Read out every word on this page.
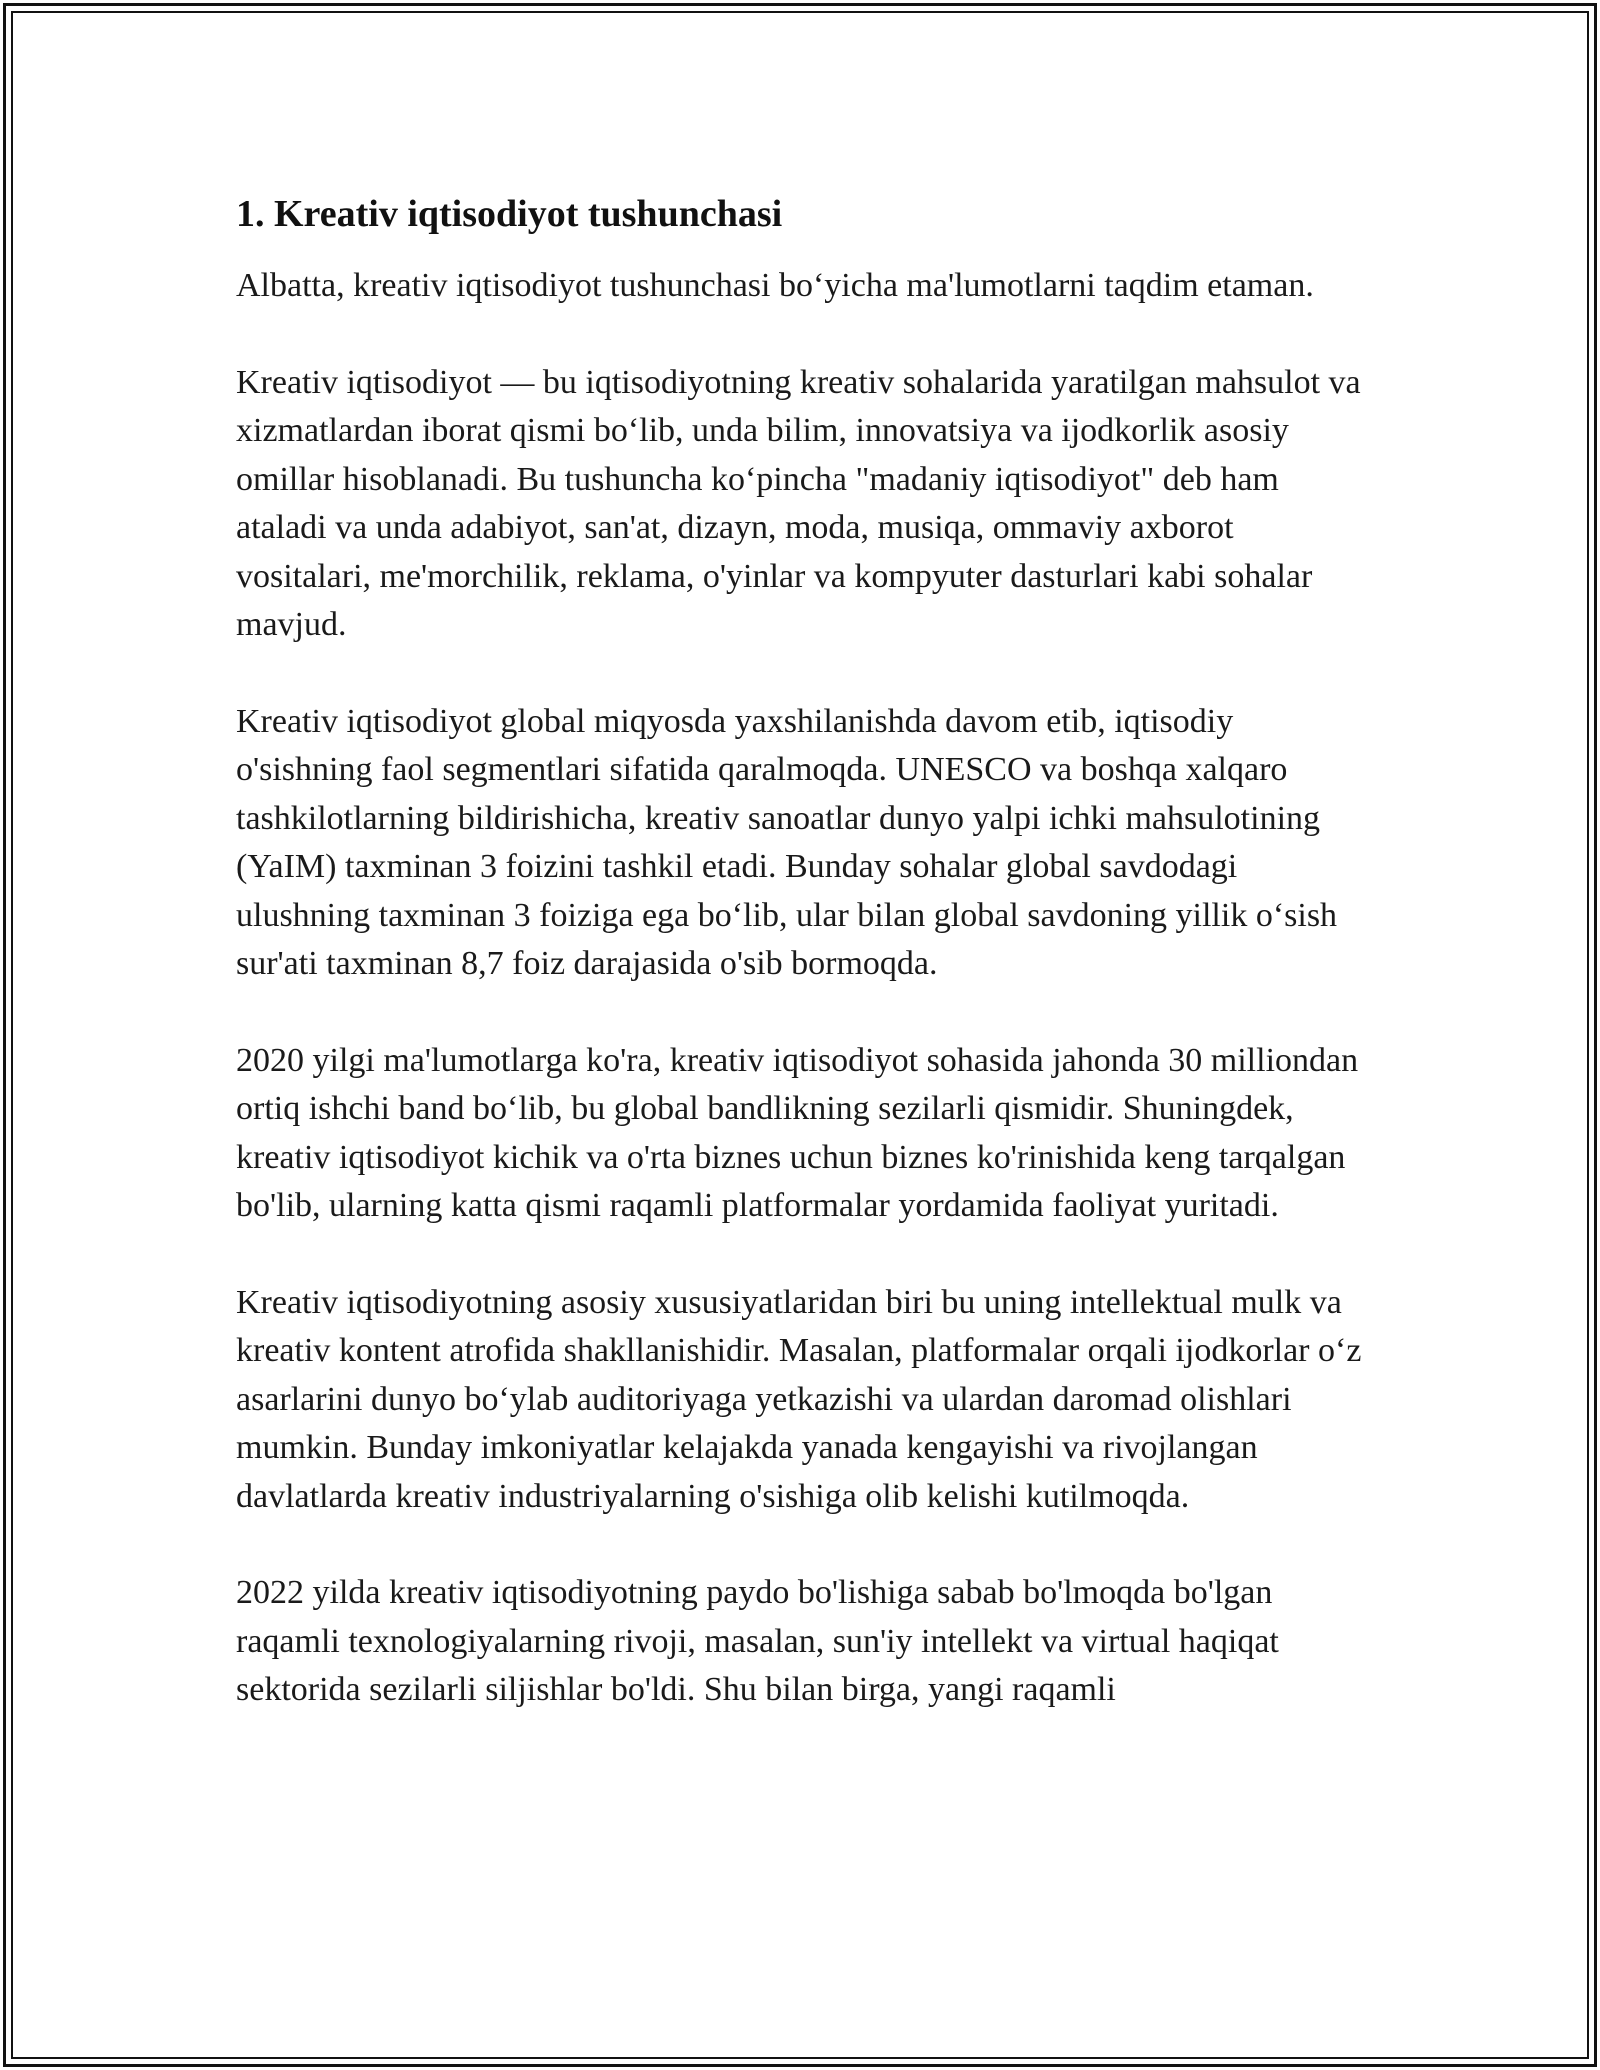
1. Kreativ iqtisodiyot tushunchasi

Albatta, kreativ iqtisodiyot tushunchasi bo‘yicha ma'lumotlarni taqdim etaman.

Kreativ iqtisodiyot — bu iqtisodiyotning kreativ sohalarida yaratilgan mahsulot va xizmatlardan iborat qismi bo‘lib, unda bilim, innovatsiya va ijodkorlik asosiy omillar hisoblanadi. Bu tushuncha ko‘pincha "madaniy iqtisodiyot" deb ham ataladi va unda adabiyot, san'at, dizayn, moda, musiqa, ommaviy axborot vositalari, me'morchilik, reklama, o'yinlar va kompyuter dasturlari kabi sohalar mavjud.

Kreativ iqtisodiyot global miqyosda yaxshilanishda davom etib, iqtisodiy o'sishning faol segmentlari sifatida qaralmoqda. UNESCO va boshqa xalqaro tashkilotlarning bildirishicha, kreativ sanoatlar dunyo yalpi ichki mahsulotining (YaIM) taxminan 3 foizini tashkil etadi. Bunday sohalar global savdodagi ulushning taxminan 3 foiziga ega bo‘lib, ular bilan global savdoning yillik o‘sish sur'ati taxminan 8,7 foiz darajasida o'sib bormoqda.

2020 yilgi ma'lumotlarga ko'ra, kreativ iqtisodiyot sohasida jahonda 30 milliondan ortiq ishchi band bo‘lib, bu global bandlikning sezilarli qismidir. Shuningdek, kreativ iqtisodiyot kichik va o'rta biznes uchun biznes ko'rinishida keng tarqalgan bo'lib, ularning katta qismi raqamli platformalar yordamida faoliyat yuritadi.

Kreativ iqtisodiyotning asosiy xususiyatlaridan biri bu uning intellektual mulk va kreativ kontent atrofida shakllanishidir. Masalan, platformalar orqali ijodkorlar o‘z asarlarini dunyo bo‘ylab auditoriyaga yetkazishi va ulardan daromad olishlari mumkin. Bunday imkoniyatlar kelajakda yanada kengayishi va rivojlangan davlatlarda kreativ industriyalarning o'sishiga olib kelishi kutilmoqda.

2022 yilda kreativ iqtisodiyotning paydo bo'lishiga sabab bo'lmoqda bo'lgan raqamli texnologiyalarning rivoji, masalan, sun'iy intellekt va virtual haqiqat sektorida sezilarli siljishlar bo'ldi. Shu bilan birga, yangi raqamli
